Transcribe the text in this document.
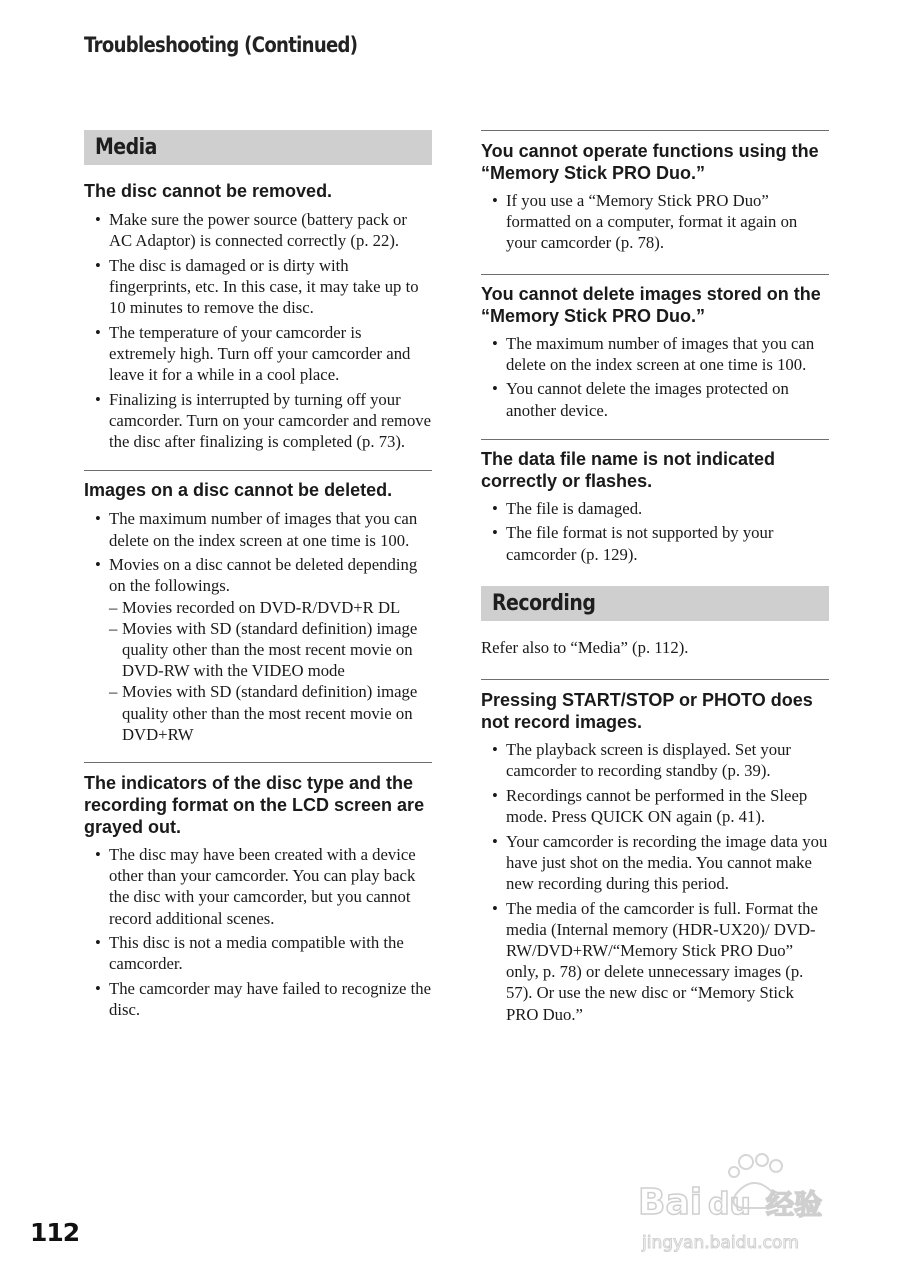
Troubleshooting (Continued)
Media
The disc cannot be removed.
• Make sure the power source (battery pack or AC Adaptor) is connected correctly (p. 22).
• The disc is damaged or is dirty with fingerprints, etc. In this case, it may take up to 10 minutes to remove the disc.
• The temperature of your camcorder is extremely high. Turn off your camcorder and leave it for a while in a cool place.
• Finalizing is interrupted by turning off your camcorder. Turn on your camcorder and remove the disc after finalizing is completed (p. 73).
Images on a disc cannot be deleted.
• The maximum number of images that you can delete on the index screen at one time is 100.
• Movies on a disc cannot be deleted depending on the followings.
– Movies recorded on DVD-R/DVD+R DL
– Movies with SD (standard definition) image quality other than the most recent movie on DVD-RW with the VIDEO mode
– Movies with SD (standard definition) image quality other than the most recent movie on DVD+RW
The indicators of the disc type and the recording format on the LCD screen are grayed out.
• The disc may have been created with a device other than your camcorder. You can play back the disc with your camcorder, but you cannot record additional scenes.
• This disc is not a media compatible with the camcorder.
• The camcorder may have failed to recognize the disc.
You cannot operate functions using the “Memory Stick PRO Duo.”
• If you use a “Memory Stick PRO Duo” formatted on a computer, format it again on your camcorder (p. 78).
You cannot delete images stored on the “Memory Stick PRO Duo.”
• The maximum number of images that you can delete on the index screen at one time is 100.
• You cannot delete the images protected on another device.
The data file name is not indicated correctly or flashes.
• The file is damaged.
• The file format is not supported by your camcorder (p. 129).
Recording
Refer also to “Media” (p. 112).
Pressing START/STOP or PHOTO does not record images.
• The playback screen is displayed. Set your camcorder to recording standby (p. 39).
• Recordings cannot be performed in the Sleep mode. Press QUICK ON again (p. 41).
• Your camcorder is recording the image data you have just shot on the media. You cannot make new recording during this period.
• The media of the camcorder is full. Format the media (Internal memory (HDR-UX20)/ DVD-RW/DVD+RW/“Memory Stick PRO Duo” only, p. 78) or delete unnecessary images (p. 57). Or use the new disc or “Memory Stick PRO Duo.”
112
Bai du 经验
jingyan.baidu.com
